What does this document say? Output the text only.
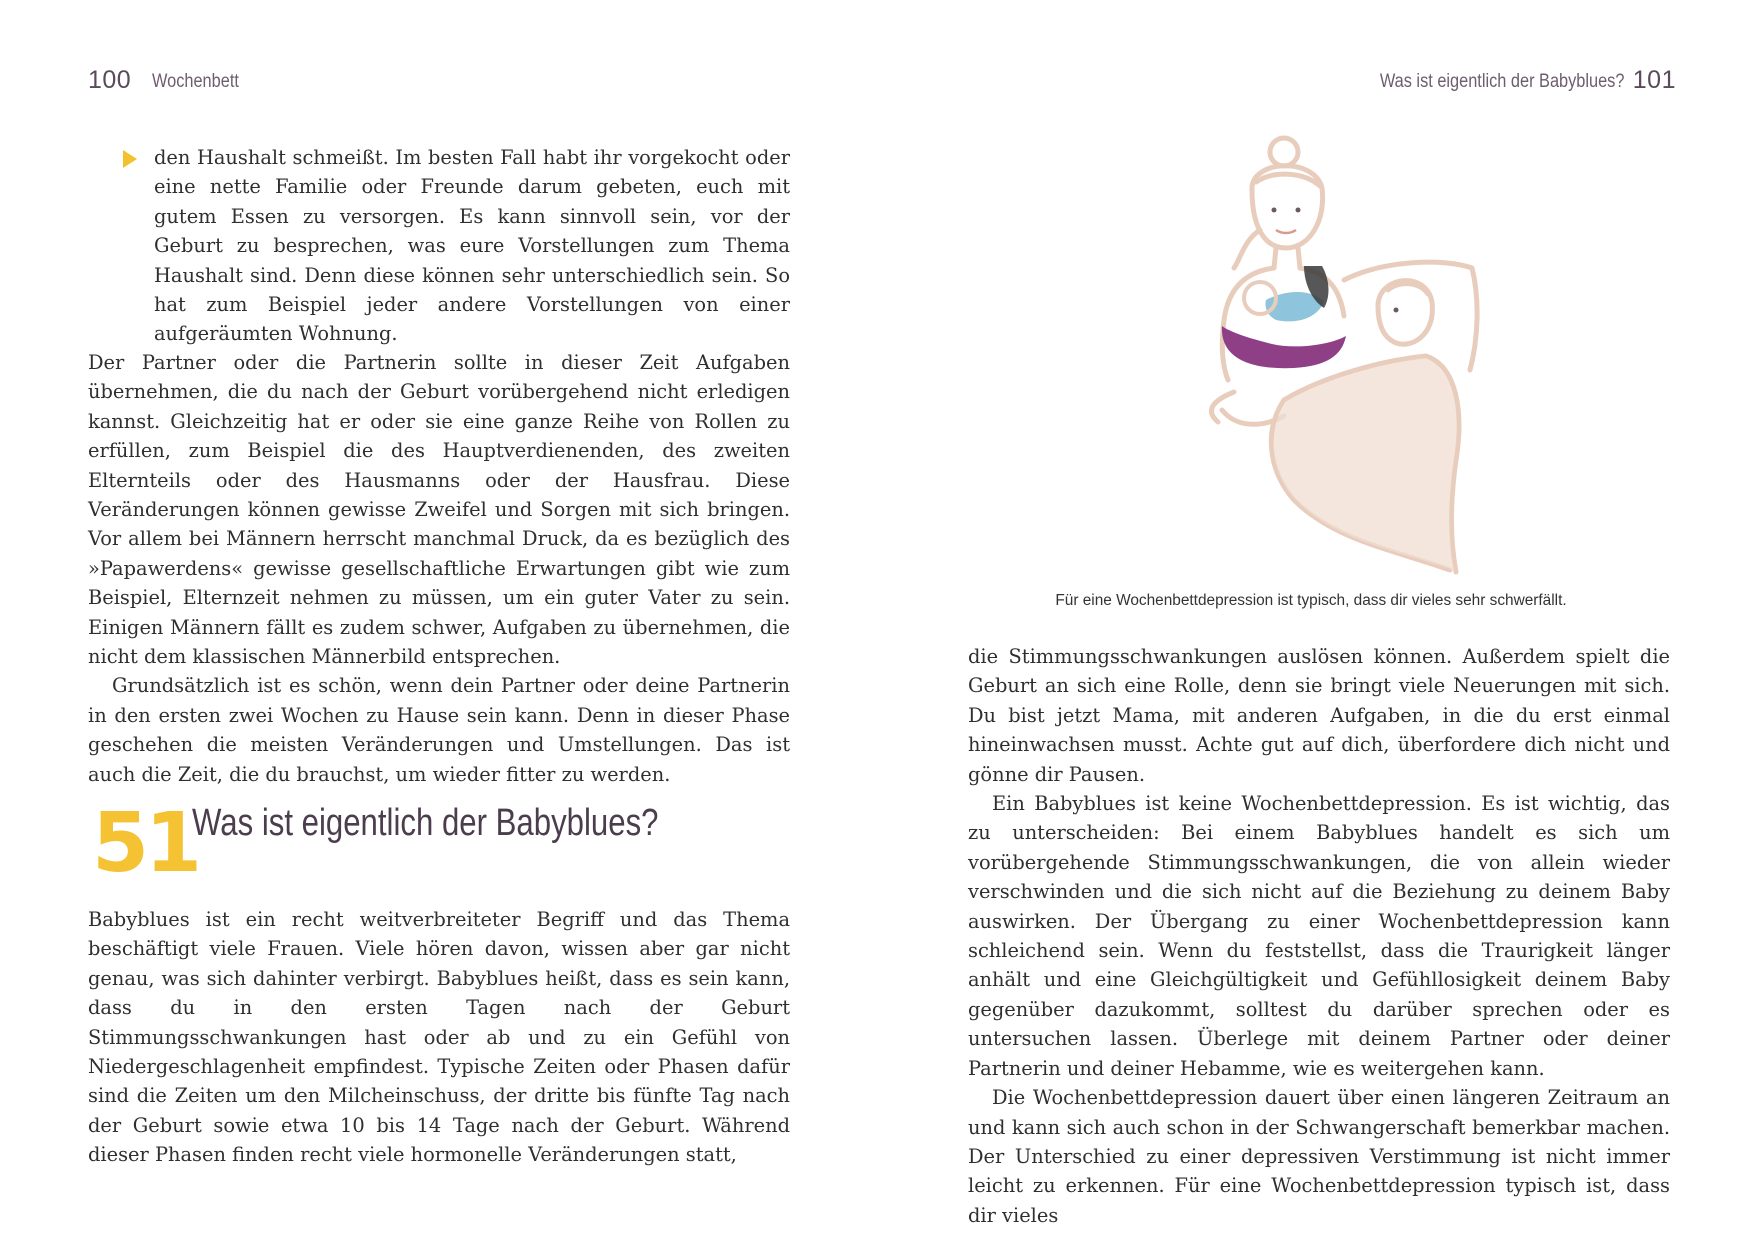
100 Wochenbett

den Haushalt schmeißt. Im besten Fall habt ihr vorgekocht oder eine nette Familie oder Freunde darum gebeten, euch mit gutem Essen zu versorgen. Es kann sinnvoll sein, vor der Geburt zu besprechen, was eure Vorstellungen zum Thema Haushalt sind. Denn diese können sehr unterschiedlich sein. So hat zum Beispiel jeder andere Vorstellungen von einer aufgeräumten Wohnung.

Der Partner oder die Partnerin sollte in dieser Zeit Aufgaben übernehmen, die du nach der Geburt vorübergehend nicht erledigen kannst. Gleichzeitig hat er oder sie eine ganze Reihe von Rollen zu erfüllen, zum Beispiel die des Hauptverdienenden, des zweiten Elternteils oder des Hausmanns oder der Hausfrau. Diese Veränderungen können gewisse Zweifel und Sorgen mit sich bringen. Vor allem bei Männern herrscht manchmal Druck, da es bezüglich des »Papawerdens« gewisse gesellschaftliche Erwartungen gibt wie zum Beispiel, Elternzeit nehmen zu müssen, um ein guter Vater zu sein. Einigen Männern fällt es zudem schwer, Aufgaben zu übernehmen, die nicht dem klassischen Männerbild entsprechen.

Grundsätzlich ist es schön, wenn dein Partner oder deine Partnerin in den ersten zwei Wochen zu Hause sein kann. Denn in dieser Phase geschehen die meisten Veränderungen und Umstellungen. Das ist auch die Zeit, die du brauchst, um wieder fitter zu werden.

51
Was ist eigentlich der Babyblues?

Babyblues ist ein recht weitverbreiteter Begriff und das Thema beschäftigt viele Frauen. Viele hören davon, wissen aber gar nicht genau, was sich dahinter verbirgt. Babyblues heißt, dass es sein kann, dass du in den ersten Tagen nach der Geburt Stimmungsschwankungen hast oder ab und zu ein Gefühl von Niedergeschlagenheit empfindest. Typische Zeiten oder Phasen dafür sind die Zeiten um den Milcheinschuss, der dritte bis fünfte Tag nach der Geburt sowie etwa 10 bis 14 Tage nach der Geburt. Während dieser Phasen finden recht viele hormonelle Veränderungen statt,

Was ist eigentlich der Babyblues? 101
Für eine Wochenbettdepression ist typisch, dass dir vieles sehr schwerfällt.

die Stimmungsschwankungen auslösen können. Außerdem spielt die Geburt an sich eine Rolle, denn sie bringt viele Neuerungen mit sich. Du bist jetzt Mama, mit anderen Aufgaben, in die du erst einmal hineinwachsen musst. Achte gut auf dich, überfordere dich nicht und gönne dir Pausen.

Ein Babyblues ist keine Wochenbettdepression. Es ist wichtig, das zu unterscheiden: Bei einem Babyblues handelt es sich um vorübergehende Stimmungsschwankungen, die von allein wieder verschwinden und die sich nicht auf die Beziehung zu deinem Baby auswirken. Der Übergang zu einer Wochenbettdepression kann schleichend sein. Wenn du feststellst, dass die Traurigkeit länger anhält und eine Gleichgültigkeit und Gefühllosigkeit deinem Baby gegenüber dazukommt, solltest du darüber sprechen oder es untersuchen lassen. Überlege mit deinem Partner oder deiner Partnerin und deiner Hebamme, wie es weitergehen kann.

Die Wochenbettdepression dauert über einen längeren Zeitraum an und kann sich auch schon in der Schwangerschaft bemerkbar machen. Der Unterschied zu einer depressiven Verstimmung ist nicht immer leicht zu erkennen. Für eine Wochenbettdepression typisch ist, dass dir vieles
